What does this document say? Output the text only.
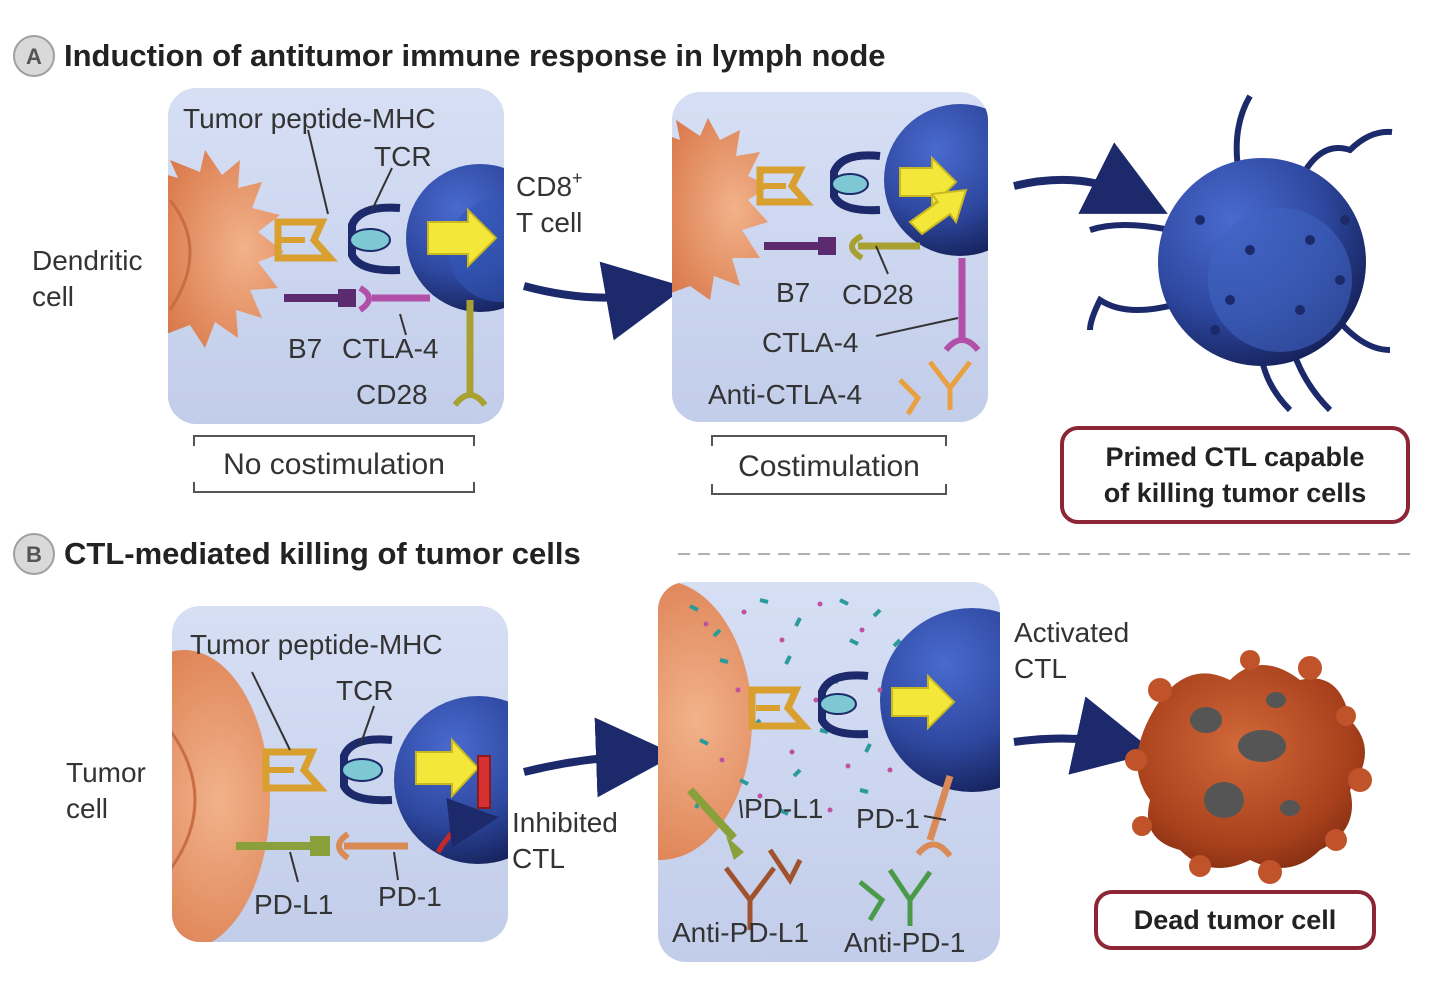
A Induction of antitumor immune response in lymph node
Tumor peptide-MHC
TCR
B7 CTLA-4
CD28
Dendritic
cell
CD8+
T cell
B7 CD28
CTLA-4
Anti-CTLA-4
No costimulation	Costimulation	Primed CTL capable
of killing tumor cells
B CTL-mediated killing of tumor cells
Tumor peptide-MHC
TCR
PD-L1 PD-1
Tumor
cell	Inhibited
CTL
PD-L1 PD-1
Anti-PD-L1 Anti-PD-1
Activated
CTL
Dead tumor cell
